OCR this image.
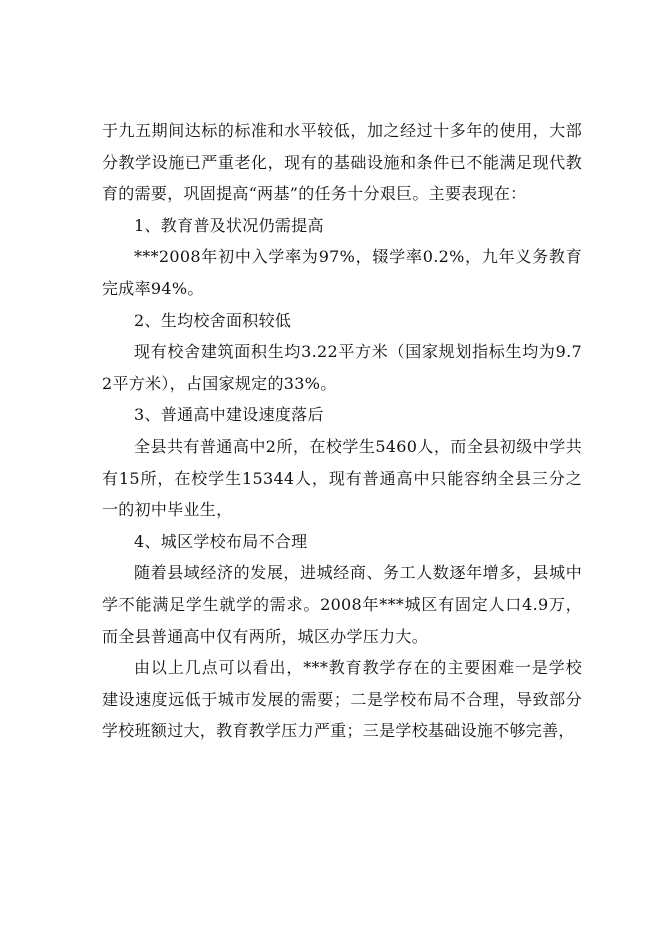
于九五期间达标的标准和水平较低，加之经过十多年的使用，大部分教学设施已严重老化，现有的基础设施和条件已不能满足现代教育的需要，巩固提高“两基”的任务十分艰巨。主要表现在：

1、教育普及状况仍需提高

***2008年初中入学率为97%，辍学率0.2%，九年义务教育完成率94%。

2、生均校舍面积较低

现有校舍建筑面积生均3.22平方米（国家规划指标生均为9.72平方米），占国家规定的33%。

3、普通高中建设速度落后

全县共有普通高中2所，在校学生5460人，而全县初级中学共有15所，在校学生15344人，现有普通高中只能容纳全县三分之一的初中毕业生，

4、城区学校布局不合理

随着县域经济的发展，进城经商、务工人数逐年增多，县城中学不能满足学生就学的需求。2008年***城区有固定人口4.9万，而全县普通高中仅有两所，城区办学压力大。

由以上几点可以看出，***教育教学存在的主要困难一是学校建设速度远低于城市发展的需要；二是学校布局不合理，导致部分学校班额过大，教育教学压力严重；三是学校基础设施不够完善，
